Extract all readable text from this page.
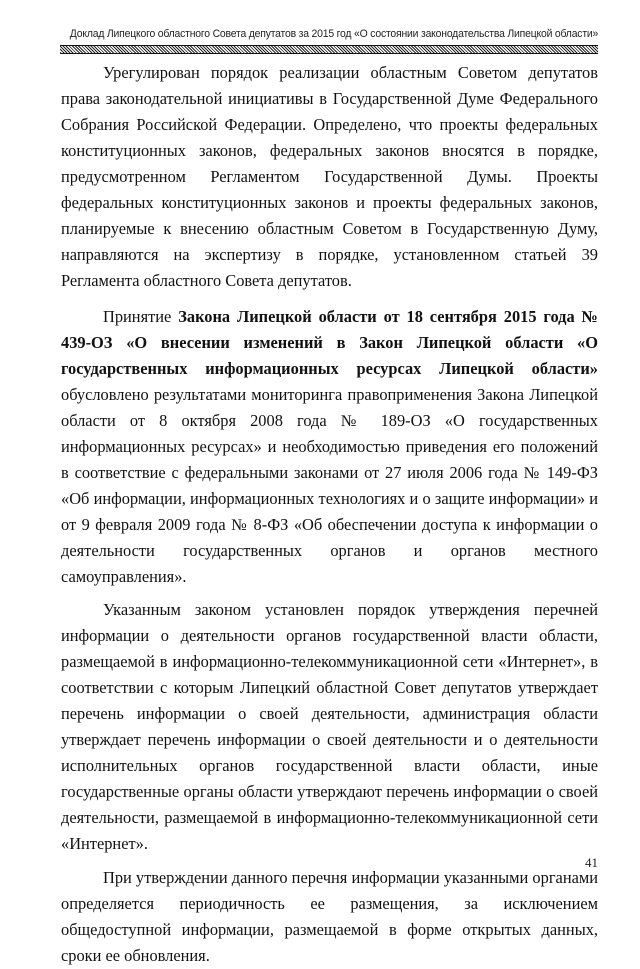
Доклад Липецкого областного Совета депутатов за 2015 год «О состоянии законодательства Липецкой области»

Урегулирован порядок реализации областным Советом депутатов права законодательной инициативы в Государственной Думе Федерального Собрания Российской Федерации. Определено, что проекты федеральных конституционных законов, федеральных законов вносятся в порядке, предусмотренном Регламентом Государственной Думы. Проекты федеральных конституционных законов и проекты федеральных законов, планируемые к внесению областным Советом в Государственную Думу, направляются на экспертизу в порядке, установленном статьей 39 Регламента областного Совета депутатов.

Принятие Закона Липецкой области от 18 сентября 2015 года № 439-ОЗ «О внесении изменений в Закон Липецкой области «О государственных информационных ресурсах Липецкой области» обусловлено результатами мониторинга правоприменения Закона Липецкой области от 8 октября 2008 года № 189-ОЗ «О государственных информационных ресурсах» и необходимостью приведения его положений в соответствие с федеральными законами от 27 июля 2006 года № 149-ФЗ «Об информации, информационных технологиях и о защите информации» и от 9 февраля 2009 года № 8-ФЗ «Об обеспечении доступа к информации о деятельности государственных органов и органов местного самоуправления».

Указанным законом установлен порядок утверждения перечней информации о деятельности органов государственной власти области, размещаемой в информационно-телекоммуникационной сети «Интернет», в соответствии с которым Липецкий областной Совет депутатов утверждает перечень информации о своей деятельности, администрация области утверждает перечень информации о своей деятельности и о деятельности исполнительных органов государственной власти области, иные государственные органы области утверждают перечень информации о своей деятельности, размещаемой в информационно-телекоммуникационной сети «Интернет».

При утверждении данного перечня информации указанными органами определяется периодичность ее размещения, за исключением общедоступной информации, размещаемой в форме открытых данных, сроки ее обновления.

41
